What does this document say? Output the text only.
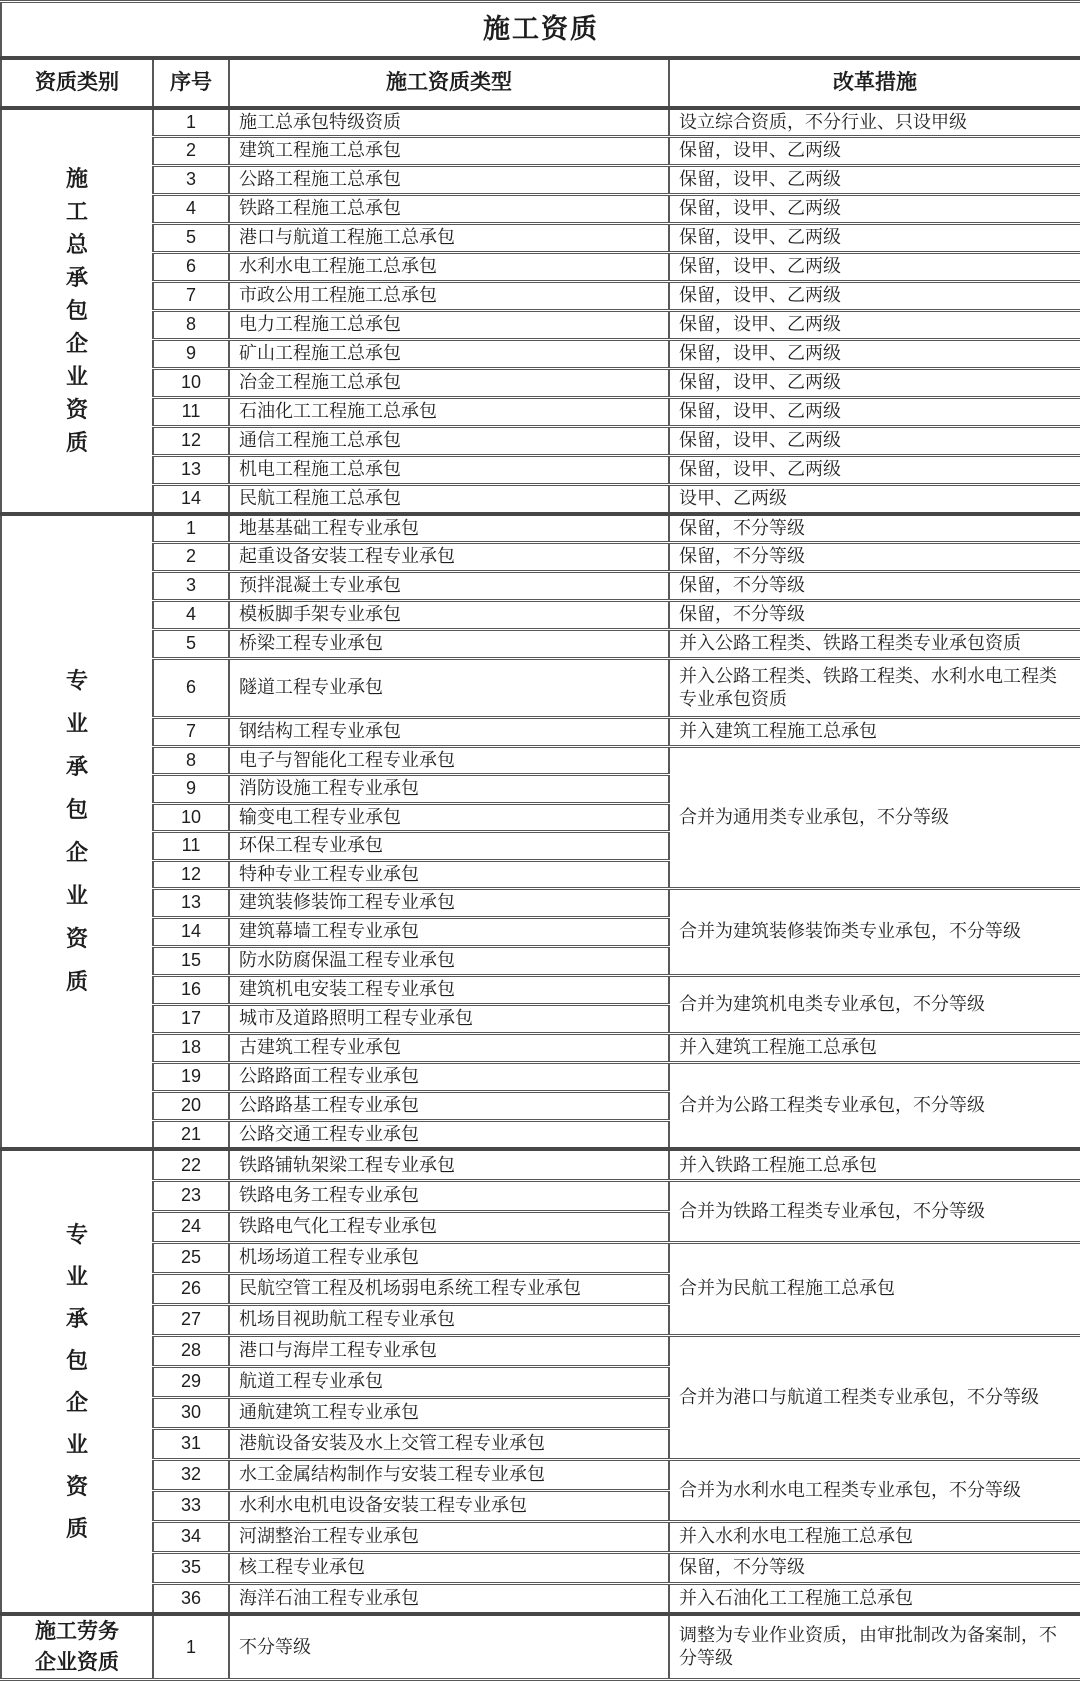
施工资质			
资质类别	序号	施工资质类型	改革措施

施
工
总
承
包
企
业
资
质
	1	施工总承包特级资质	设立综合资质，不分行业、只设甲级
	2	建筑工程施工总承包	保留，设甲、乙两级
	3	公路工程施工总承包	保留，设甲、乙两级
	4	铁路工程施工总承包	保留，设甲、乙两级
	5	港口与航道工程施工总承包	保留，设甲、乙两级
	6	水利水电工程施工总承包	保留，设甲、乙两级
	7	市政公用工程施工总承包	保留，设甲、乙两级
	8	电力工程施工总承包	保留，设甲、乙两级
	9	矿山工程施工总承包	保留，设甲、乙两级
	10	冶金工程施工总承包	保留，设甲、乙两级
	11	石油化工工程施工总承包	保留，设甲、乙两级
	12	通信工程施工总承包	保留，设甲、乙两级
	13	机电工程施工总承包	保留，设甲、乙两级
	14	民航工程施工总承包	设甲、乙两级

专
业
承
包
企
业
资
质
	1	地基基础工程专业承包	保留，不分等级
	2	起重设备安装工程专业承包	保留，不分等级
	3	预拌混凝土专业承包	保留，不分等级
	4	模板脚手架专业承包	保留，不分等级
	5	桥梁工程专业承包	并入公路工程类、铁路工程类专业承包资质
	6	隧道工程专业承包	并入公路工程类、铁路工程类、水利水电工程类专业承包资质
	7	钢结构工程专业承包	并入建筑工程施工总承包
	8	电子与智能化工程专业承包	合并为通用类专业承包，不分等级
	9	消防设施工程专业承包	
	10	输变电工程专业承包	
	11	环保工程专业承包	
	12	特种专业工程专业承包	
	13	建筑装修装饰工程专业承包	合并为建筑装修装饰类专业承包，不分等级
	14	建筑幕墙工程专业承包	
	15	防水防腐保温工程专业承包	
	16	建筑机电安装工程专业承包	合并为建筑机电类专业承包，不分等级
	17	城市及道路照明工程专业承包	
	18	古建筑工程专业承包	并入建筑工程施工总承包
	19	公路路面工程专业承包	合并为公路工程类专业承包，不分等级
	20	公路路基工程专业承包	
	21	公路交通工程专业承包	

专
业
承
包
企
业
资
质
	22	铁路铺轨架梁工程专业承包	并入铁路工程施工总承包
	23	铁路电务工程专业承包	合并为铁路工程类专业承包，不分等级
	24	铁路电气化工程专业承包	
	25	机场场道工程专业承包	合并为民航工程施工总承包
	26	民航空管工程及机场弱电系统工程专业承包	
	27	机场目视助航工程专业承包	
	28	港口与海岸工程专业承包	合并为港口与航道工程类专业承包，不分等级
	29	航道工程专业承包	
	30	通航建筑工程专业承包	
	31	港航设备安装及水上交管工程专业承包	
	32	水工金属结构制作与安装工程专业承包	合并为水利水电工程类专业承包，不分等级
	33	水利水电机电设备安装工程专业承包	
	34	河湖整治工程专业承包	并入水利水电工程施工总承包
	35	核工程专业承包	保留，不分等级
	36	海洋石油工程专业承包	并入石油化工工程施工总承包

施工劳务
企业资质	1	不分等级	调整为专业作业资质，由审批制改为备案制，不分等级
